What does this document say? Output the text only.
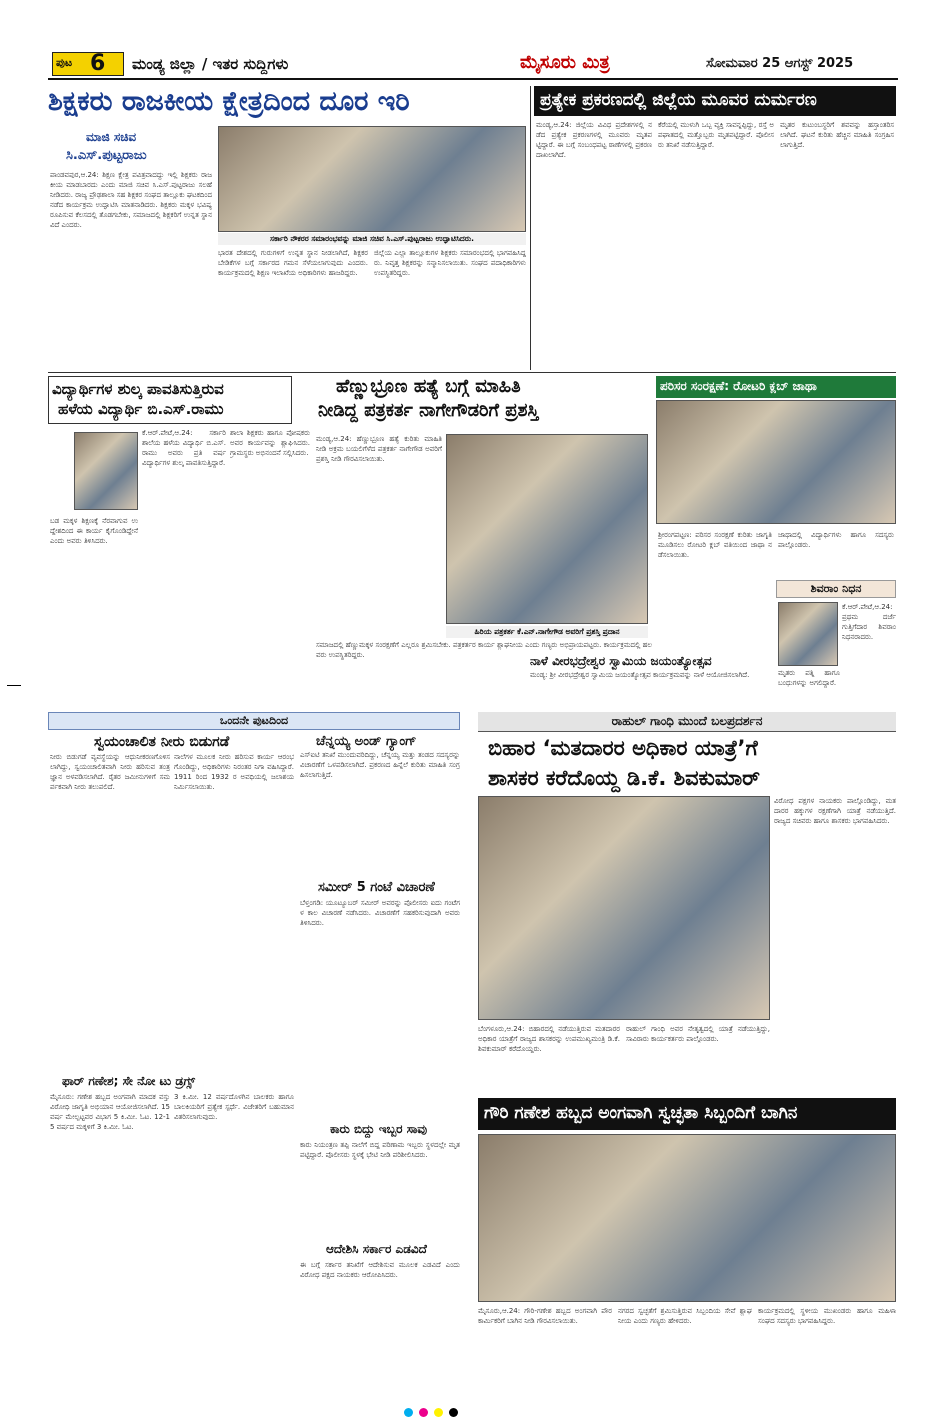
ಪುಟ 6 ಮಂಡ್ಯ ಜಿಲ್ಲಾ / ಇತರ ಸುದ್ದಿಗಳು	ಮೈಸೂರು ಮಿತ್ರ	ಸೋಮವಾರ 25 ಆಗಸ್ಟ್ 2025
ಶಿಕ್ಷಕರು ರಾಜಕೀಯ ಕ್ಷೇತ್ರದಿಂದ ದೂರ ಇರಿ
ಮಾಜಿ ಸಚಿವ
ಸಿ.ಎಸ್.ಪುಟ್ಟರಾಜು
ಸರ್ಕಾರಿ ನೌಕರರ ಸಮಾರಂಭವನ್ನು ಮಾಜಿ ಸಚಿವ ಸಿ.ಎಸ್.ಪುಟ್ಟರಾಜು ಉದ್ಘಾಟಿಸಿದರು.
ಪಾಂಡವಪುರ,ಆ.24: ಶಿಕ್ಷಣ ಕ್ಷೇತ್ರ ಪವಿತ್ರವಾದದ್ದು ಇಲ್ಲಿ ಶಿಕ್ಷಕರು ರಾಜಕೀಯ ಮಾಡಬಾರದು ಎಂದು ಮಾಜಿ ಸಚಿವ ಸಿ.ಎಸ್.ಪುಟ್ಟರಾಜು ಸಲಹೆ ನೀಡಿದರು. ರಾಜ್ಯ ಪ್ರೌಢಶಾಲಾ ಸಹ ಶಿಕ್ಷಕರ ಸಂಘದ ತಾಲ್ಲೂಕು ಘಟಕದಿಂದ ನಡೆದ ಕಾರ್ಯಕ್ರಮ ಉದ್ಘಾಟಿಸಿ ಮಾತನಾಡಿದರು. ಶಿಕ್ಷಕರು ಮಕ್ಕಳ ಭವಿಷ್ಯ ರೂಪಿಸುವ ಕೆಲಸದಲ್ಲಿ ತೊಡಗಬೇಕು, ಸಮಾಜದಲ್ಲಿ ಶಿಕ್ಷಕರಿಗೆ ಉನ್ನತ ಸ್ಥಾನವಿದೆ ಎಂದರು.
ಭಾರತ ದೇಶದಲ್ಲಿ ಗುರುಗಳಿಗೆ ಉನ್ನತ ಸ್ಥಾನ ನೀಡಲಾಗಿದೆ, ಶಿಕ್ಷಕರ ಬೇಡಿಕೆಗಳ ಬಗ್ಗೆ ಸರ್ಕಾರದ ಗಮನ ಸೆಳೆಯಲಾಗುವುದು ಎಂದರು. ಕಾರ್ಯಕ್ರಮದಲ್ಲಿ ಶಿಕ್ಷಣ ಇಲಾಖೆಯ ಅಧಿಕಾರಿಗಳು ಹಾಜರಿದ್ದರು.
ಜಿಲ್ಲೆಯ ಎಲ್ಲಾ ತಾಲ್ಲೂಕುಗಳ ಶಿಕ್ಷಕರು ಸಮಾರಂಭದಲ್ಲಿ ಭಾಗವಹಿಸಿದ್ದರು. ನಿವೃತ್ತ ಶಿಕ್ಷಕರನ್ನು ಸನ್ಮಾನಿಸಲಾಯಿತು. ಸಂಘದ ಪದಾಧಿಕಾರಿಗಳು ಉಪಸ್ಥಿತರಿದ್ದರು.
ಪ್ರತ್ಯೇಕ ಪ್ರಕರಣದಲ್ಲಿ ಜಿಲ್ಲೆಯ ಮೂವರ ದುರ್ಮರಣ
ಮಂಡ್ಯ,ಆ.24: ಜಿಲ್ಲೆಯ ವಿವಿಧ ಪ್ರದೇಶಗಳಲ್ಲಿ ನಡೆದ ಪ್ರತ್ಯೇಕ ಪ್ರಕರಣಗಳಲ್ಲಿ ಮೂವರು ಮೃತಪಟ್ಟಿದ್ದಾರೆ. ಈ ಬಗ್ಗೆ ಸಂಬಂಧಪಟ್ಟ ಠಾಣೆಗಳಲ್ಲಿ ಪ್ರಕರಣ ದಾಖಲಾಗಿದೆ.
ಕೆರೆಯಲ್ಲಿ ಮುಳುಗಿ ಒಬ್ಬ ವ್ಯಕ್ತಿ ಸಾವನ್ನಪ್ಪಿದ್ದು, ರಸ್ತೆ ಅಪಘಾತದಲ್ಲಿ ಮತ್ತೊಬ್ಬರು ಮೃತಪಟ್ಟಿದ್ದಾರೆ. ಪೊಲೀಸರು ತನಿಖೆ ನಡೆಸುತ್ತಿದ್ದಾರೆ.
ಮೃತರ ಕುಟುಂಬಸ್ಥರಿಗೆ ಶವವನ್ನು ಹಸ್ತಾಂತರಿಸಲಾಗಿದೆ. ಘಟನೆ ಕುರಿತು ಹೆಚ್ಚಿನ ಮಾಹಿತಿ ಸಂಗ್ರಹಿಸಲಾಗುತ್ತಿದೆ.
ವಿದ್ಯಾರ್ಥಿಗಳ ಶುಲ್ಕ ಪಾವತಿಸುತ್ತಿರುವ
ಹಳೆಯ ವಿದ್ಯಾರ್ಥಿ ಬಿ.ಎಸ್.ರಾಮು
ಕೆ.ಆರ್.ಪೇಟೆ,ಆ.24: ಸರ್ಕಾರಿ ಶಾಲೆಯ ಹಳೆಯ ವಿದ್ಯಾರ್ಥಿ ಬಿ.ಎಸ್.ರಾಮು ಅವರು ಪ್ರತಿ ವರ್ಷ ವಿದ್ಯಾರ್ಥಿಗಳ ಶುಲ್ಕ ಪಾವತಿಸುತ್ತಿದ್ದಾರೆ.
ಬಡ ಮಕ್ಕಳ ಶಿಕ್ಷಣಕ್ಕೆ ನೆರವಾಗುವ ಉದ್ದೇಶದಿಂದ ಈ ಕಾರ್ಯ ಕೈಗೊಂಡಿದ್ದೇನೆ ಎಂದು ಅವರು ತಿಳಿಸಿದರು.
ಶಾಲಾ ಶಿಕ್ಷಕರು ಹಾಗೂ ಪೋಷಕರು ಅವರ ಕಾರ್ಯವನ್ನು ಶ್ಲಾಘಿಸಿದರು. ಗ್ರಾಮಸ್ಥರು ಅಭಿನಂದನೆ ಸಲ್ಲಿಸಿದರು.
ಹೆಣ್ಣುಭ್ರೂಣ ಹತ್ಯೆ ಬಗ್ಗೆ ಮಾಹಿತಿ
ನೀಡಿದ್ದ ಪತ್ರಕರ್ತ ನಾಗೇಗೌಡರಿಗೆ ಪ್ರಶಸ್ತಿ
ಮಂಡ್ಯ,ಆ.24: ಹೆಣ್ಣುಭ್ರೂಣ ಹತ್ಯೆ ಕುರಿತು ಮಾಹಿತಿ ನೀಡಿ ಅಕ್ರಮ ಬಯಲಿಗೆಳೆದ ಪತ್ರಕರ್ತ ನಾಗೇಗೌಡ ಅವರಿಗೆ ಪ್ರಶಸ್ತಿ ನೀಡಿ ಗೌರವಿಸಲಾಯಿತು.
ಹಿರಿಯ ಪತ್ರಕರ್ತ ಕೆ.ಎನ್.ನಾಗೇಗೌಡ ಅವರಿಗೆ ಪ್ರಶಸ್ತಿ ಪ್ರದಾನ
ಸಮಾಜದಲ್ಲಿ ಹೆಣ್ಣುಮಕ್ಕಳ ಸಂರಕ್ಷಣೆಗೆ ಎಲ್ಲರೂ ಶ್ರಮಿಸಬೇಕು. ಪತ್ರಕರ್ತರ ಕಾರ್ಯ ಶ್ಲಾಘನೀಯ ಎಂದು ಗಣ್ಯರು ಅಭಿಪ್ರಾಯಪಟ್ಟರು. ಕಾರ್ಯಕ್ರಮದಲ್ಲಿ ಹಲವರು ಉಪಸ್ಥಿತರಿದ್ದರು.
ಪರಿಸರ ಸಂರಕ್ಷಣೆ: ರೋಟರಿ ಕ್ಲಬ್ ಜಾಥಾ
ಶ್ರೀರಂಗಪಟ್ಟಣ: ಪರಿಸರ ಸಂರಕ್ಷಣೆ ಕುರಿತು ಜಾಗೃತಿ ಮೂಡಿಸಲು ರೋಟರಿ ಕ್ಲಬ್ ವತಿಯಿಂದ ಜಾಥಾ ನಡೆಸಲಾಯಿತು.
ಜಾಥಾದಲ್ಲಿ ವಿದ್ಯಾರ್ಥಿಗಳು ಹಾಗೂ ಸದಸ್ಯರು ಪಾಲ್ಗೊಂಡರು.
ಶಿವರಾಂ ನಿಧನ
ಕೆ.ಆರ್.ಪೇಟೆ,ಆ.24: ಪ್ರಥಮ ದರ್ಜೆ ಗುತ್ತಿಗೆದಾರ ಶಿವರಾಂ ನಿಧನರಾದರು.
ಮೃತರು ಪತ್ನಿ ಹಾಗೂ ಬಂಧುಗಳನ್ನು ಅಗಲಿದ್ದಾರೆ.
ನಾಳೆ ವೀರಭದ್ರೇಶ್ವರ ಸ್ವಾಮಿಯ ಜಯಂತ್ಯೋತ್ಸವ
ಮಂಡ್ಯ: ಶ್ರೀ ವೀರಭದ್ರೇಶ್ವರ ಸ್ವಾಮಿಯ ಜಯಂತ್ಯೋತ್ಸವ ಕಾರ್ಯಕ್ರಮವನ್ನು ನಾಳೆ ಆಯೋಜಿಸಲಾಗಿದೆ.
ಒಂದನೇ ಪುಟದಿಂದ
ಸ್ವಯಂಚಾಲಿತ ನೀರು ಬಿಡುಗಡೆ
ನೀರು ಬಿಡುಗಡೆ ವ್ಯವಸ್ಥೆಯನ್ನು ಆಧುನೀಕರಣಗೊಳಿಸಲಾಗಿದ್ದು, ಸ್ವಯಂಚಾಲಿತವಾಗಿ ನೀರು ಹರಿಸುವ ತಂತ್ರಜ್ಞಾನ ಅಳವಡಿಸಲಾಗಿದೆ. ರೈತರ ಜಮೀನುಗಳಿಗೆ ಸಮರ್ಪಕವಾಗಿ ನೀರು ತಲುಪಲಿದೆ.
ನಾಲೆಗಳ ಮೂಲಕ ನೀರು ಹರಿಸುವ ಕಾರ್ಯ ಆರಂಭಗೊಂಡಿದ್ದು, ಅಧಿಕಾರಿಗಳು ನಿರಂತರ ನಿಗಾ ವಹಿಸಿದ್ದಾರೆ. 1911 ರಿಂದ 1932 ರ ಅವಧಿಯಲ್ಲಿ ಜಲಾಶಯ ನಿರ್ಮಿಸಲಾಯಿತು.
ಚೆನ್ನಯ್ಯ ಅಂಡ್ ಗ್ಯಾಂಗ್
ಎಸ್ಐಟಿ ತನಿಖೆ ಮುಂದುವರಿದಿದ್ದು, ಚೆನ್ನಯ್ಯ ಮತ್ತು ತಂಡದ ಸದಸ್ಯರನ್ನು ವಿಚಾರಣೆಗೆ ಒಳಪಡಿಸಲಾಗಿದೆ. ಪ್ರಕರಣದ ಹಿನ್ನೆಲೆ ಕುರಿತು ಮಾಹಿತಿ ಸಂಗ್ರಹಿಸಲಾಗುತ್ತಿದೆ.
ಸಮೀರ್ 5 ಗಂಟೆ ವಿಚಾರಣೆ
ಬೆಳ್ತಂಗಡಿ: ಯೂಟ್ಯೂಬರ್ ಸಮೀರ್ ಅವರನ್ನು ಪೊಲೀಸರು ಐದು ಗಂಟೆಗಳ ಕಾಲ ವಿಚಾರಣೆ ನಡೆಸಿದರು. ವಿಚಾರಣೆಗೆ ಸಹಕರಿಸುವುದಾಗಿ ಅವರು ತಿಳಿಸಿದರು.
ಫಾರ್ ಗಣೇಶ; ಸೇ ನೋ ಟು ಡ್ರಗ್ಸ್
ಮೈಸೂರು: ಗಣೇಶ ಹಬ್ಬದ ಅಂಗವಾಗಿ ಮಾದಕ ವಸ್ತು ವಿರೋಧಿ ಜಾಗೃತಿ ಅಭಿಯಾನ ಆಯೋಜಿಸಲಾಗಿದೆ. 15 ವರ್ಷ ಮೇಲ್ಪಟ್ಟವರ ವಿಭಾಗ 5 ಕಿ.ಮೀ. ಓಟ. 12-15 ವರ್ಷದ ಮಕ್ಕಳಿಗೆ 3 ಕಿ.ಮೀ. ಓಟ.
3 ಕಿ.ಮೀ. 12 ವರ್ಷದೊಳಗಿನ ಬಾಲಕರು ಹಾಗೂ ಬಾಲಕಿಯರಿಗೆ ಪ್ರತ್ಯೇಕ ಸ್ಪರ್ಧೆ. ವಿಜೇತರಿಗೆ ಬಹುಮಾನ ವಿತರಿಸಲಾಗುವುದು.
ಕಾರು ಬಿದ್ದು ಇಬ್ಬರ ಸಾವು
ಕಾರು ನಿಯಂತ್ರಣ ತಪ್ಪಿ ನಾಲೆಗೆ ಬಿದ್ದ ಪರಿಣಾಮ ಇಬ್ಬರು ಸ್ಥಳದಲ್ಲೇ ಮೃತಪಟ್ಟಿದ್ದಾರೆ. ಪೊಲೀಸರು ಸ್ಥಳಕ್ಕೆ ಭೇಟಿ ನೀಡಿ ಪರಿಶೀಲಿಸಿದರು.
ಆದೇಶಿಸಿ ಸರ್ಕಾರ ಎಡವಿದೆ
ಈ ಬಗ್ಗೆ ಸರ್ಕಾರ ತನಿಖೆಗೆ ಆದೇಶಿಸುವ ಮೂಲಕ ಎಡವಿದೆ ಎಂದು ವಿರೋಧ ಪಕ್ಷದ ನಾಯಕರು ಆರೋಪಿಸಿದರು.
ರಾಹುಲ್ ಗಾಂಧಿ ಮುಂದೆ ಬಲಪ್ರದರ್ಶನ
ಬಿಹಾರ ‘ಮತದಾರರ ಅಧಿಕಾರ ಯಾತ್ರೆ’ಗೆ
ಶಾಸಕರ ಕರೆದೊಯ್ದ ಡಿ.ಕೆ. ಶಿವಕುಮಾರ್
ವಿರೋಧ ಪಕ್ಷಗಳ ನಾಯಕರು ಪಾಲ್ಗೊಂಡಿದ್ದು, ಮತದಾರರ ಹಕ್ಕುಗಳ ರಕ್ಷಣೆಗಾಗಿ ಯಾತ್ರೆ ನಡೆಯುತ್ತಿದೆ. ರಾಜ್ಯದ ಸಚಿವರು ಹಾಗೂ ಶಾಸಕರು ಭಾಗವಹಿಸಿದರು.
ಬೆಂಗಳೂರು,ಆ.24: ಬಿಹಾರದಲ್ಲಿ ನಡೆಯುತ್ತಿರುವ ಮತದಾರರ ಅಧಿಕಾರ ಯಾತ್ರೆಗೆ ರಾಜ್ಯದ ಶಾಸಕರನ್ನು ಉಪಮುಖ್ಯಮಂತ್ರಿ ಡಿ.ಕೆ.ಶಿವಕುಮಾರ್ ಕರೆದೊಯ್ದರು.
ರಾಹುಲ್ ಗಾಂಧಿ ಅವರ ನೇತೃತ್ವದಲ್ಲಿ ಯಾತ್ರೆ ನಡೆಯುತ್ತಿದ್ದು, ಸಾವಿರಾರು ಕಾರ್ಯಕರ್ತರು ಪಾಲ್ಗೊಂಡರು.
ಗೌರಿ ಗಣೇಶ ಹಬ್ಬದ ಅಂಗವಾಗಿ ಸ್ವಚ್ಛತಾ ಸಿಬ್ಬಂದಿಗೆ ಬಾಗಿನ
ಮೈಸೂರು,ಆ.24: ಗೌರಿ-ಗಣೇಶ ಹಬ್ಬದ ಅಂಗವಾಗಿ ಪೌರಕಾರ್ಮಿಕರಿಗೆ ಬಾಗಿನ ನೀಡಿ ಗೌರವಿಸಲಾಯಿತು.
ನಗರದ ಸ್ವಚ್ಛತೆಗೆ ಶ್ರಮಿಸುತ್ತಿರುವ ಸಿಬ್ಬಂದಿಯ ಸೇವೆ ಶ್ಲಾಘನೀಯ ಎಂದು ಗಣ್ಯರು ಹೇಳಿದರು.
ಕಾರ್ಯಕ್ರಮದಲ್ಲಿ ಸ್ಥಳೀಯ ಮುಖಂಡರು ಹಾಗೂ ಮಹಿಳಾ ಸಂಘದ ಸದಸ್ಯರು ಭಾಗವಹಿಸಿದ್ದರು.
